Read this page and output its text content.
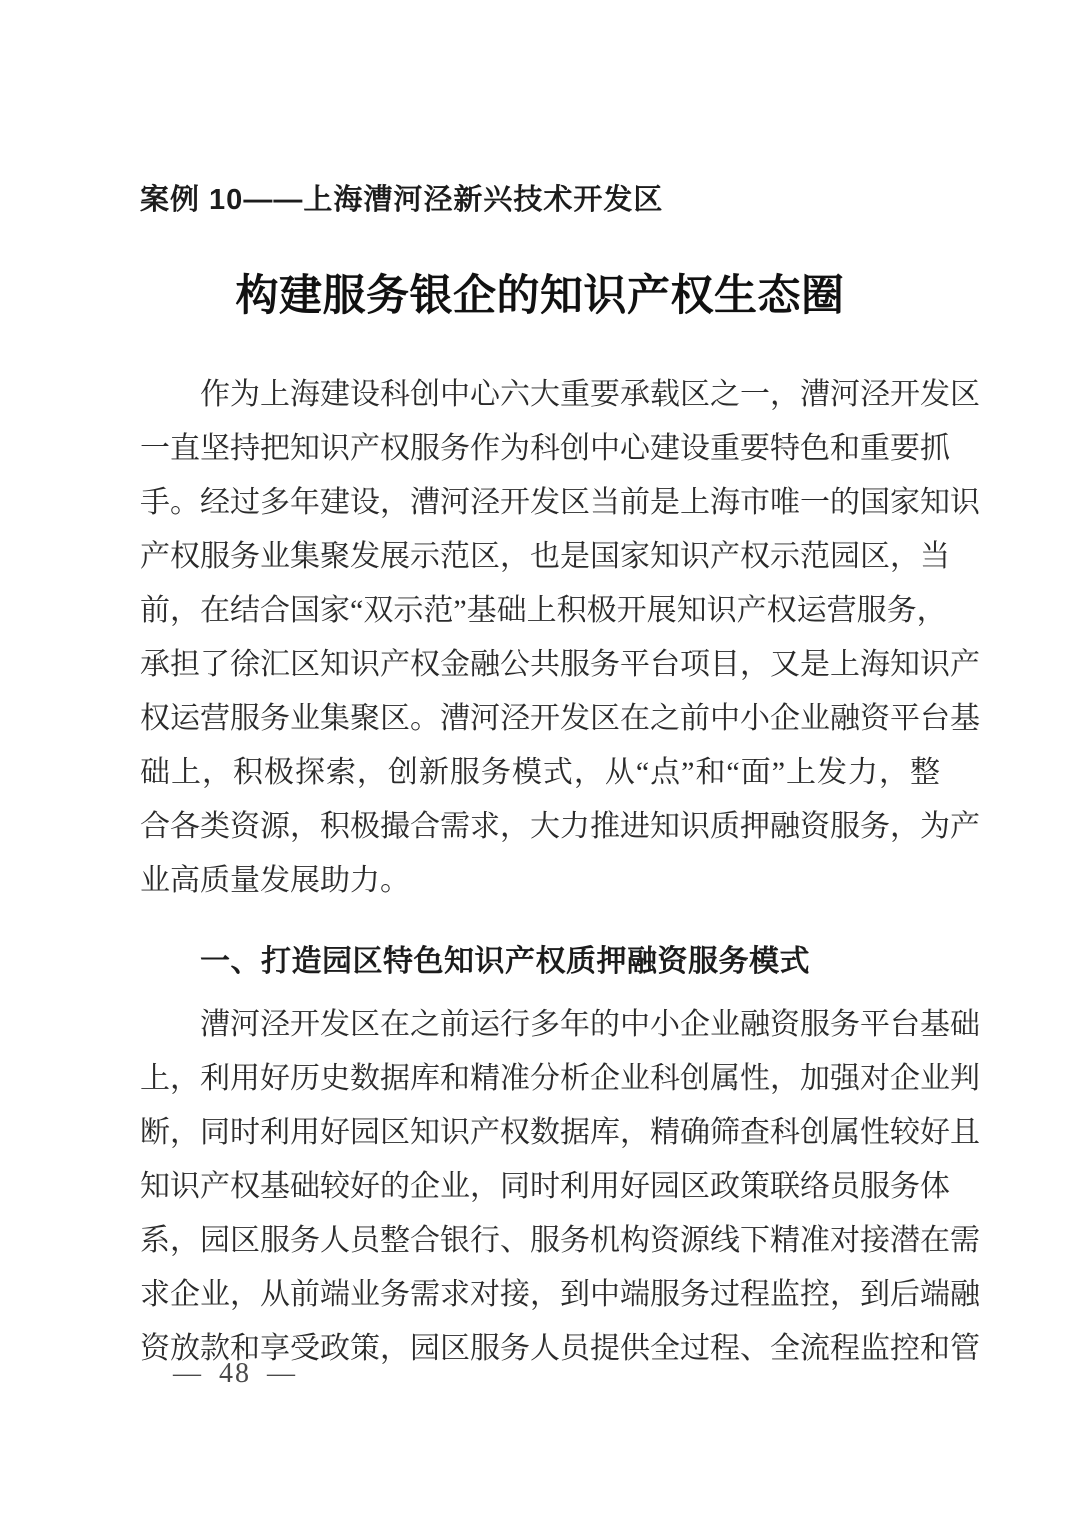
案例 10——上海漕河泾新兴技术开发区
构建服务银企的知识产权生态圈
作为上海建设科创中心六大重要承载区之一，漕河泾开发区
一直坚持把知识产权服务作为科创中心建设重要特色和重要抓
手。经过多年建设，漕河泾开发区当前是上海市唯一的国家知识
产权服务业集聚发展示范区，也是国家知识产权示范园区，当
前，在结合国家“双示范”基础上积极开展知识产权运营服务，
承担了徐汇区知识产权金融公共服务平台项目，又是上海知识产
权运营服务业集聚区。漕河泾开发区在之前中小企业融资平台基
础上，积极探索，创新服务模式，从“点”和“面”上发力，整
合各类资源，积极撮合需求，大力推进知识质押融资服务，为产
业高质量发展助力。
一、打造园区特色知识产权质押融资服务模式
漕河泾开发区在之前运行多年的中小企业融资服务平台基础
上，利用好历史数据库和精准分析企业科创属性，加强对企业判
断，同时利用好园区知识产权数据库，精确筛查科创属性较好且
知识产权基础较好的企业，同时利用好园区政策联络员服务体
系，园区服务人员整合银行、服务机构资源线下精准对接潜在需
求企业，从前端业务需求对接，到中端服务过程监控，到后端融
资放款和享受政策，园区服务人员提供全过程、全流程监控和管
— 48 —
